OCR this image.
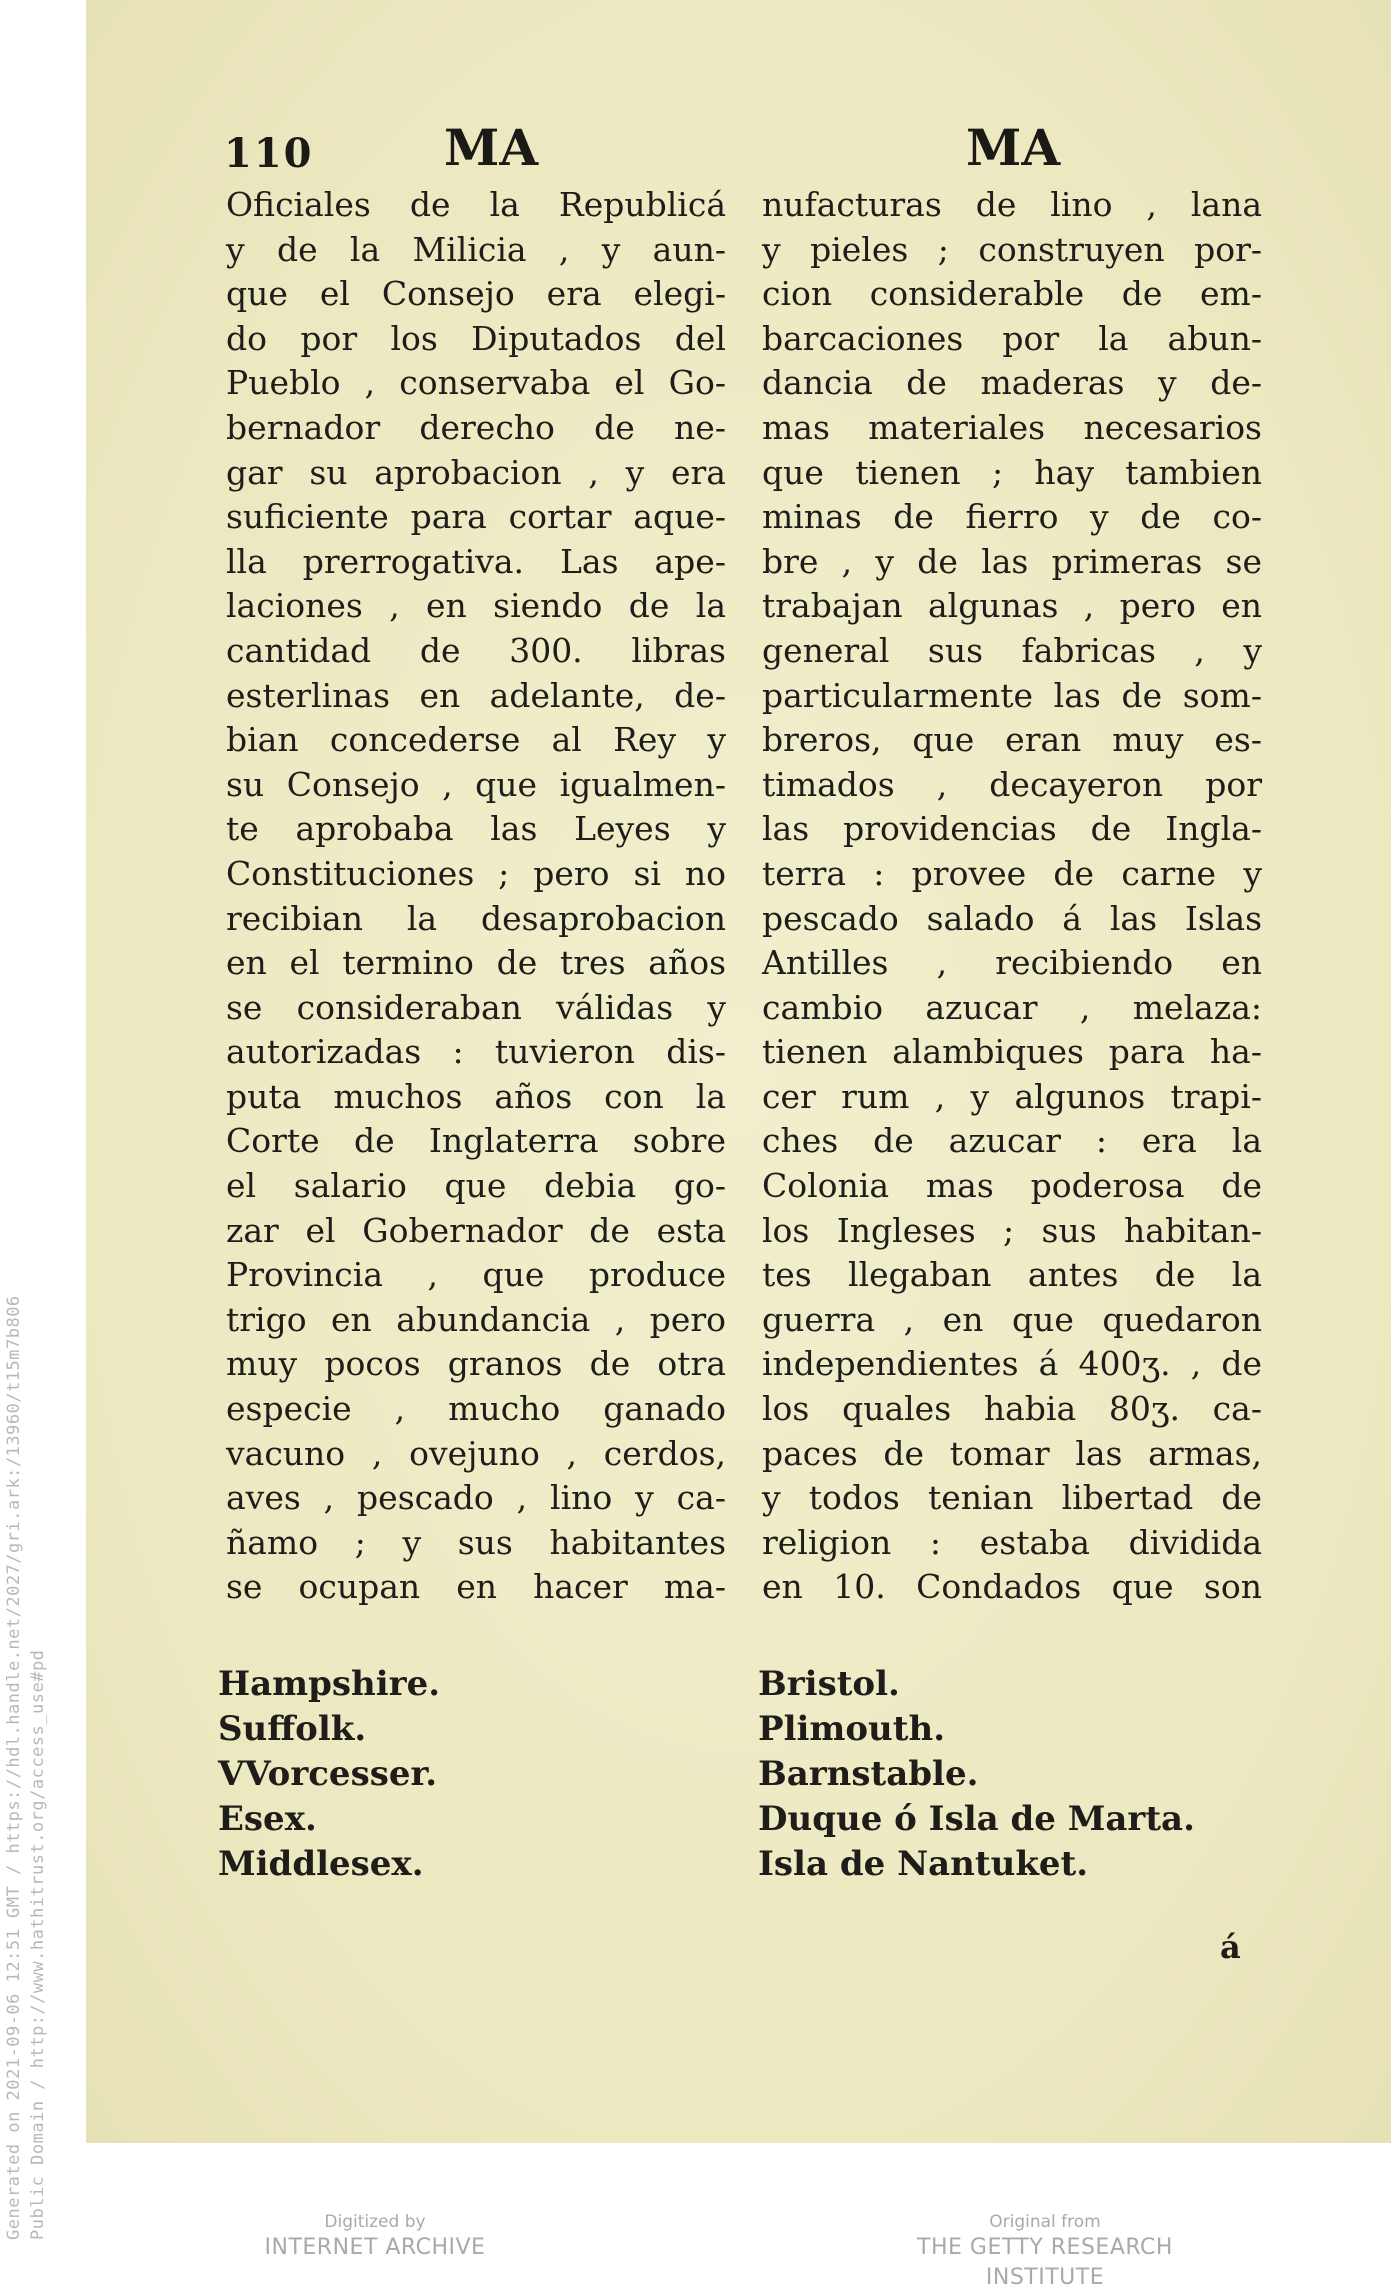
Generated on 2021-09-06 12:51 GMT / https://hdl.handle.net/2027/gri.ark:/13960/t15m7b806 Public Domain / http://www.hathitrust.org/access_use#pd
110	MA	MA
Oficiales de la Republicá
y de la Milicia , y aun-
que el Consejo era elegi-
do por los Diputados del
Pueblo , conservaba el Go-
bernador derecho de ne-
gar su aprobacion , y era
suficiente para cortar aque-
lla prerrogativa. Las ape-
laciones , en siendo de la
cantidad de 300. libras
esterlinas en adelante, de-
bian concederse al Rey y
su Consejo , que igualmen-
te aprobaba las Leyes y
Constituciones ; pero si no
recibian la desaprobacion
en el termino de tres años
se consideraban válidas y
autorizadas : tuvieron dis-
puta muchos años con la
Corte de Inglaterra sobre
el salario que debia go-
zar el Gobernador de esta
Provincia , que produce
trigo en abundancia , pero
muy pocos granos de otra
especie , mucho ganado
vacuno , ovejuno , cerdos,
aves , pescado , lino y ca-
ñamo ; y sus habitantes
se ocupan en hacer ma-
nufacturas de lino , lana
y pieles ; construyen por-
cion considerable de em-
barcaciones por la abun-
dancia de maderas y de-
mas materiales necesarios
que tienen ; hay tambien
minas de fierro y de co-
bre , y de las primeras se
trabajan algunas , pero en
general sus fabricas , y
particularmente las de som-
breros, que eran muy es-
timados , decayeron por
las providencias de Ingla-
terra : provee de carne y
pescado salado á las Islas
Antilles , recibiendo en
cambio azucar , melaza:
tienen alambiques para ha-
cer rum , y algunos trapi-
ches de azucar : era la
Colonia mas poderosa de
los Ingleses ; sus habitan-
tes llegaban antes de la
guerra , en que quedaron
independientes á 400ʒ. , de
los quales habia 80ʒ. ca-
paces de tomar las armas,
y todos tenian libertad de
religion : estaba dividida
en 10. Condados que son
Hampshire.
Suffolk.
VVorcesser.
Esex.
Middlesex.
Bristol.
Plimouth.
Barnstable.
Duque ó Isla de Marta.
Isla de Nantuket.
á
Digitized by
INTERNET ARCHIVE
Original from
THE GETTY RESEARCH INSTITUTE
